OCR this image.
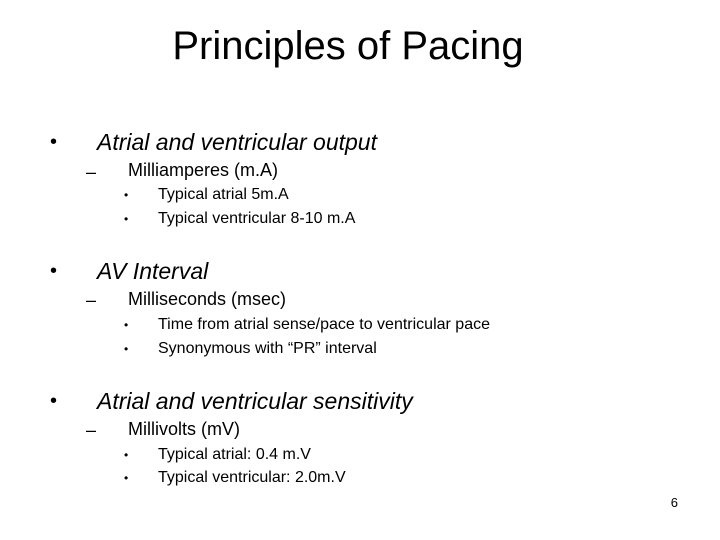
Principles of Pacing
• Atrial and ventricular output
– Milliamperes (m.A)
• Typical atrial 5m.A
• Typical ventricular 8-10 m.A
• AV Interval
– Milliseconds (msec)
• Time from atrial sense/pace to ventricular pace
• Synonymous with “PR” interval
• Atrial and ventricular sensitivity
– Millivolts (mV)
• Typical atrial: 0.4 m.V
• Typical ventricular: 2.0m.V
6
